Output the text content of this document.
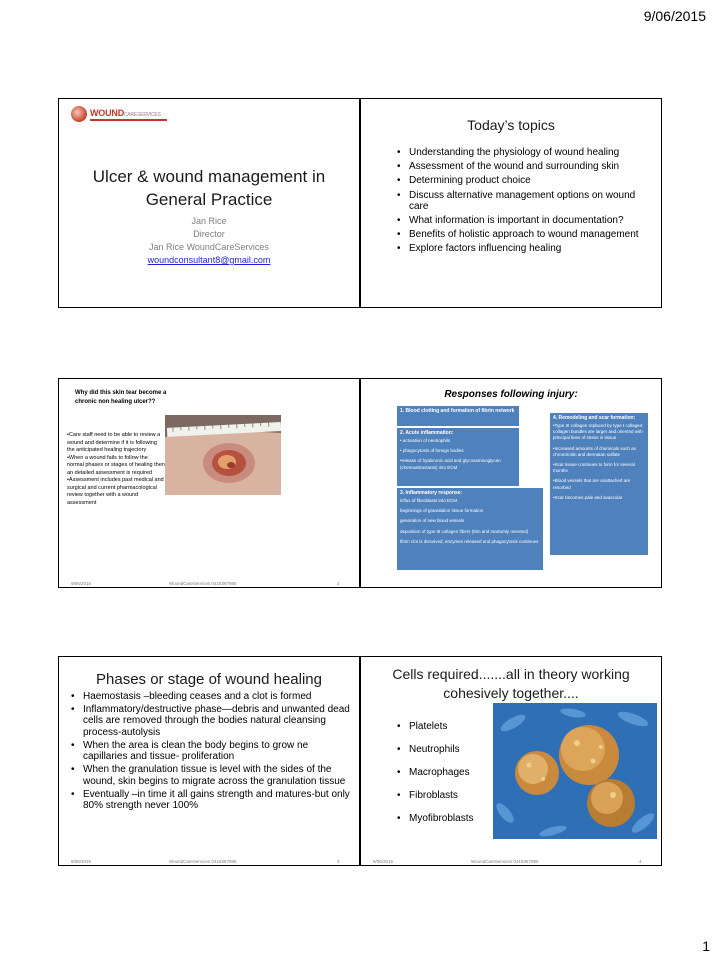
9/06/2015
WOUNDCARESERVICES
Ulcer & wound management in
General Practice
Jan Rice
Director
Jan Rice WoundCareServices
woundconsultant8@gmail.com
Today’s topics
• Understanding the physiology of wound healing
• Assessment of the wound and surrounding skin
• Determining product choice
• Discuss alternative management options on wound care
• What information is important in documentation?
• Benefits of holistic approach to wound management
• Explore factors influencing healing
Why did this skin tear become a chronic non healing ulcer??

•Care staff need to be able to review a wound and determine if it is following the anticipated healing trajectory

•When a wound fails to follow the normal phases or stages of healing then an detailed assessment is required

•Assessment includes past medical and surgical and current pharmacological review together with a wound assessment

9/06/2015	WoundCareServices 0418367985	2
Responses following injury:
1. Blood clotting and formation of fibrin network
2. Acute inflammation:
• activation of neutrophils
• phagocytosis of foreign bodies
•release of hyaluronic acid and glycosaminoglycan (chemoattractants) into ECM
3. Inflammatory response:
influx of fibroblasts into ECM
beginnings of granulation tissue formation
generation of new blood vessels
deposition of type III collagen fibers (thin and randomly oriented)
fibrin clot is dissolved, enzymes released and phagocytosis continues
4. Remodeling and scar formation:
•Type III collagen replaced by type I collagen; collagen bundles are larger and oriented with principal lines of stress in tissue
•Increased amounts of chemicals such as chrondroitin and dermatan sulfate
•Scar tissue continues to form for several months
•Blood vessels that are unattached are resorbed
•Scar becomes pale and avascular
Phases or stage of wound healing
• Haemostasis –bleeding ceases and a clot is formed
• Inflammatory/destructive phase—debris and unwanted dead cells are removed through the bodies natural cleansing process-autolysis
• When the area is clean the body begins to grow ne capillaries and tissue- proliferation
• When the granulation tissue is level with the sides of the wound, skin begins to migrate across the granulation tissue
• Eventually –in time it all gains strength and matures-but only 80% strength never 100%
9/06/2015	WoundCareServices 0418367985	3
Cells required.......all in theory working
cohesively together....
• Platelets
• Neutrophils
• Macrophages
• Fibroblasts
• Myofibroblasts
9/06/2015	WoundCareServices 0418367985	4
1
